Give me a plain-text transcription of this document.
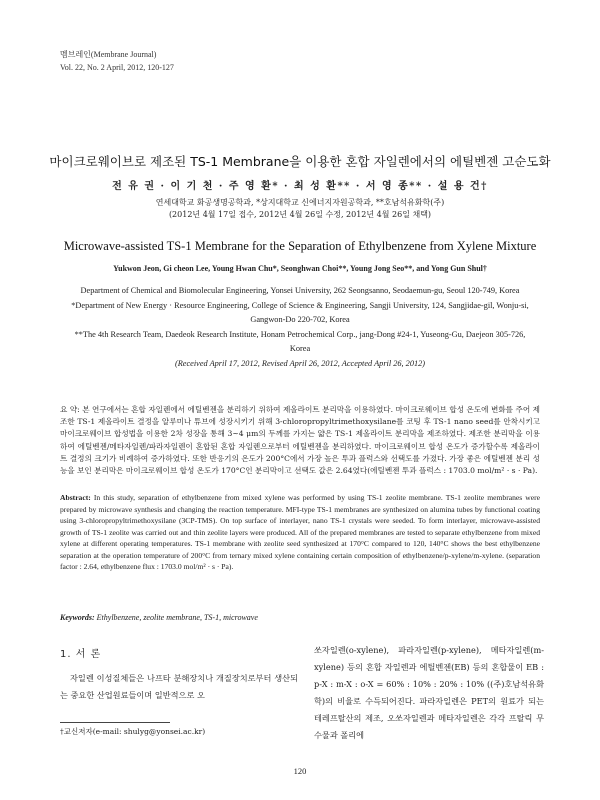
멤브레인(Membrane Journal)
Vol. 22, No. 2 April, 2012, 120-127
마이크로웨이브로 제조된 TS-1 Membrane을 이용한 혼합 자일렌에서의 에틸벤젠 고순도화
전 유 권 · 이 기 천 · 주 영 환* · 최 성 환** · 서 영 종** · 설 용 건†
연세대학교 화공생명공학과, *상지대학교 신에너지자원공학과, **호남석유화학(주)
(2012년 4월 17일 접수, 2012년 4월 26일 수정, 2012년 4월 26일 채택)
Microwave-assisted TS-1 Membrane for the Separation of Ethylbenzene from Xylene Mixture
Yukwon Jeon, Gi cheon Lee, Young Hwan Chu*, Seonghwan Choi**, Young Jong Seo**, and Yong Gun Shul†

Department of Chemical and Biomolecular Engineering, Yonsei University, 262 Seongsanno, Seodaemun-gu, Seoul 120-749, Korea

*Department of New Energy · Resource Engineering, College of Science & Engineering, Sangji University, 124, Sangjidae-gil, Wonju-si, Gangwon-Do 220-702, Korea

**The 4th Research Team, Daedeok Research Institute, Honam Petrochemical Corp., jang-Dong #24-1, Yuseong-Gu, Daejeon 305-726, Korea

(Received April 17, 2012, Revised April 26, 2012, Accepted April 26, 2012)

요 약: 본 연구에서는 혼합 자일렌에서 에틸벤젠을 분리하기 위하여 제올라이트 분리막을 이용하였다. 마이크로웨이브 합성 온도에 변화를 주어 제조한 TS-1 제올라이트 결정을 알루미나 튜브에 성장시키기 위해 3-chloropropyltrimethoxysilane를 코팅 후 TS-1 nano seed를 안착시키고 마이크로웨이브 합성법을 이용한 2차 성장을 통해 3~4 μm의 두께를 가지는 얇은 TS-1 제올라이트 분리막을 제조하였다. 제조한 분리막을 이용하여 에틸벤젠/메타자일렌/파라자일렌이 혼합된 혼합 자일렌으로부터 에틸벤젠을 분리하였다. 마이크로웨이브 합성 온도가 증가할수록 제올라이트 결정의 크기가 비례하여 증가하였다. 또한 반응기의 온도가 200°C에서 가장 높은 투과 플럭스와 선택도를 가졌다. 가장 좋은 에틸벤젠 분리 성능을 보인 분리막은 마이크로웨이브 합성 온도가 170°C인 분리막이고 선택도 값은 2.64였다(에틸벤젠 투과 플럭스 : 1703.0 mol/m² · s · Pa).
Abstract: In this study, separation of ethylbenzene from mixed xylene was performed by using TS-1 zeolite membrane. TS-1 zeolite membranes were prepared by microwave synthesis and changing the reaction temperature. MFI-type TS-1 membranes are synthesized on alumina tubes by functional coating using 3-chloropropyltrimethoxysilane (3CP-TMS). On top surface of interlayer, nano TS-1 crystals were seeded. To form interlayer, microwave-assisted growth of TS-1 zeolite was carried out and thin zeolite layers were produced. All of the prepared membranes are tested to separate ethylbenzene from mixed xylene at different operating temperatures. TS-1 membrane with zeolite seed synthesized at 170°C compared to 120, 140°C shows the best ethylbenzene separation at the operation temperature of 200°C from ternary mixed xylene containing certain composition of ethylbenzene/p-xylene/m-xylene. (separation factor : 2.64, ethylbenzene flux : 1703.0 mol/m² · s · Pa).
Keywords: Ethylbenzene, zeolite membrane, TS-1, microwave
1. 서 론

자일렌 이성질체들은 나프타 분해장치나 개질장치로부터 생산되는 중요한 산업원료들이며 일반적으로 오

쏘자일렌(o-xylene), 파라자일렌(p-xylene), 메타자일렌(m-xylene) 등의 혼합 자일렌과 에틸벤젠(EB) 등의 혼합물이 EB : p-X : m-X : o-X = 60% : 10% : 20% : 10% ((주)호남석유화학)의 비율로 수득되어진다. 파라자일렌은 PET의 원료가 되는 테레프탈산의 제조, 오쏘자일렌과 메타자일렌은 각각 프탈릭 무수물과 폴리에

†교신저자(e-mail: shulyg@yonsei.ac.kr)
120
